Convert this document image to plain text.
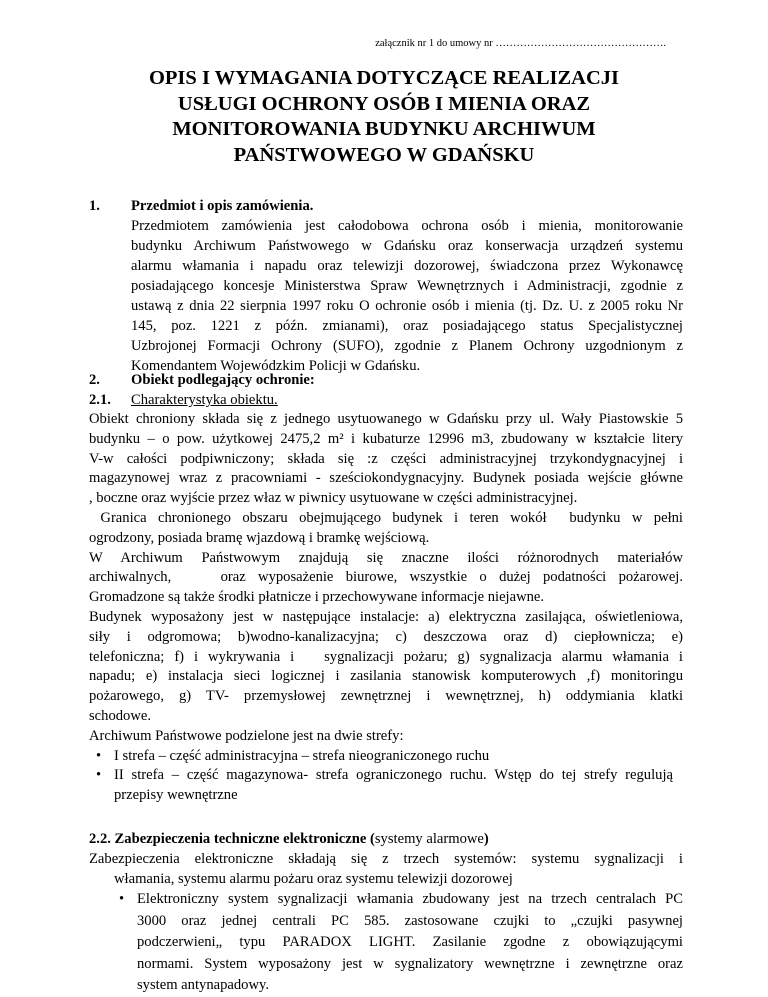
załącznik nr 1 do umowy nr ………………………………………….
OPIS I WYMAGANIA DOTYCZĄCE REALIZACJI
USŁUGI OCHRONY OSÓB I MIENIA ORAZ
MONITOROWANIA BUDYNKU ARCHIWUM
PAŃSTWOWEGO W GDAŃSKU
1. Przedmiot i opis zamówienia.
Przedmiotem zamówienia jest całodobowa ochrona osób i mienia, monitorowanie
budynku Archiwum Państwowego w Gdańsku oraz konserwacja urządzeń systemu
alarmu włamania i napadu oraz telewizji dozorowej, świadczona przez Wykonawcę
posiadającego koncesje Ministerstwa Spraw Wewnętrznych i Administracji, zgodnie z
ustawą z dnia 22 sierpnia 1997 roku O ochronie osób i mienia (tj. Dz. U. z 2005 roku Nr
145, poz. 1221 z późn. zmianami), oraz posiadającego status Specjalistycznej
Uzbrojonej Formacji Ochrony (SUFO), zgodnie z Planem Ochrony uzgodnionym z
Komendantem Wojewódzkim Policji w Gdańsku.
2. Obiekt podlegający ochronie:
2.1. Charakterystyka obiektu.
Obiekt chroniony składa się z jednego usytuowanego w Gdańsku przy ul. Wały Piastowskie 5
budynku – o pow. użytkowej 2475,2 m² i kubaturze 12996 m3, zbudowany w kształcie litery
V-w całości podpiwniczony; składa się :z części administracyjnej trzykondygnacyjnej i
magazynowej wraz z pracowniami - sześciokondygnacyjny. Budynek posiada wejście główne
, boczne oraz wyjście przez właz w piwnicy usytuowane w części administracyjnej.
Granica chronionego obszaru obejmującego budynek i teren wokół  budynku w pełni
ogrodzony, posiada bramę wjazdową i bramkę wejściową.
W  Archiwum  Państwowym  znajdują  się  znaczne  ilości  różnorodnych  materiałów
archiwalnych,    oraz wyposażenie biurowe, wszystkie o dużej podatności pożarowej.
Gromadzone są także środki płatnicze i przechowywane informacje niejawne.
Budynek wyposażony jest w następujące instalacje: a) elektryczna zasilająca, oświetleniowa,
siły i odgromowa; b)wodno-kanalizacyjna; c) deszczowa oraz d) ciepłownicza; e)
telefoniczna; f) i wykrywania i   sygnalizacji pożaru; g) sygnalizacja alarmu włamania i
napadu; e) instalacja sieci logicznej i zasilania stanowisk komputerowych ,f) monitoringu
pożarowego, g) TV- przemysłowej zewnętrznej i wewnętrznej, h) oddymiania klatki
schodowe.
Archiwum Państwowe podzielone jest na dwie strefy:
• I strefa – część administracyjna – strefa nieograniczonego ruchu
• II strefa – część magazynowa- strefa ograniczonego ruchu. Wstęp do tej strefy regulują przepisy wewnętrzne
2.2. Zabezpieczenia techniczne elektroniczne (systemy alarmowe)
Zabezpieczenia elektroniczne składają się z trzech systemów: systemu sygnalizacji i
włamania, systemu alarmu pożaru oraz systemu telewizji dozorowej
• Elektroniczny system sygnalizacji włamania zbudowany jest na trzech centralach PC
3000 oraz jednej centrali PC 585. zastosowane czujki to „czujki pasywnej
podczerwieni„ typu PARADOX LIGHT. Zasilanie zgodne z obowiązującymi
normami. System wyposażony jest w sygnalizatory wewnętrzne i zewnętrzne oraz
system antynapadowy.
